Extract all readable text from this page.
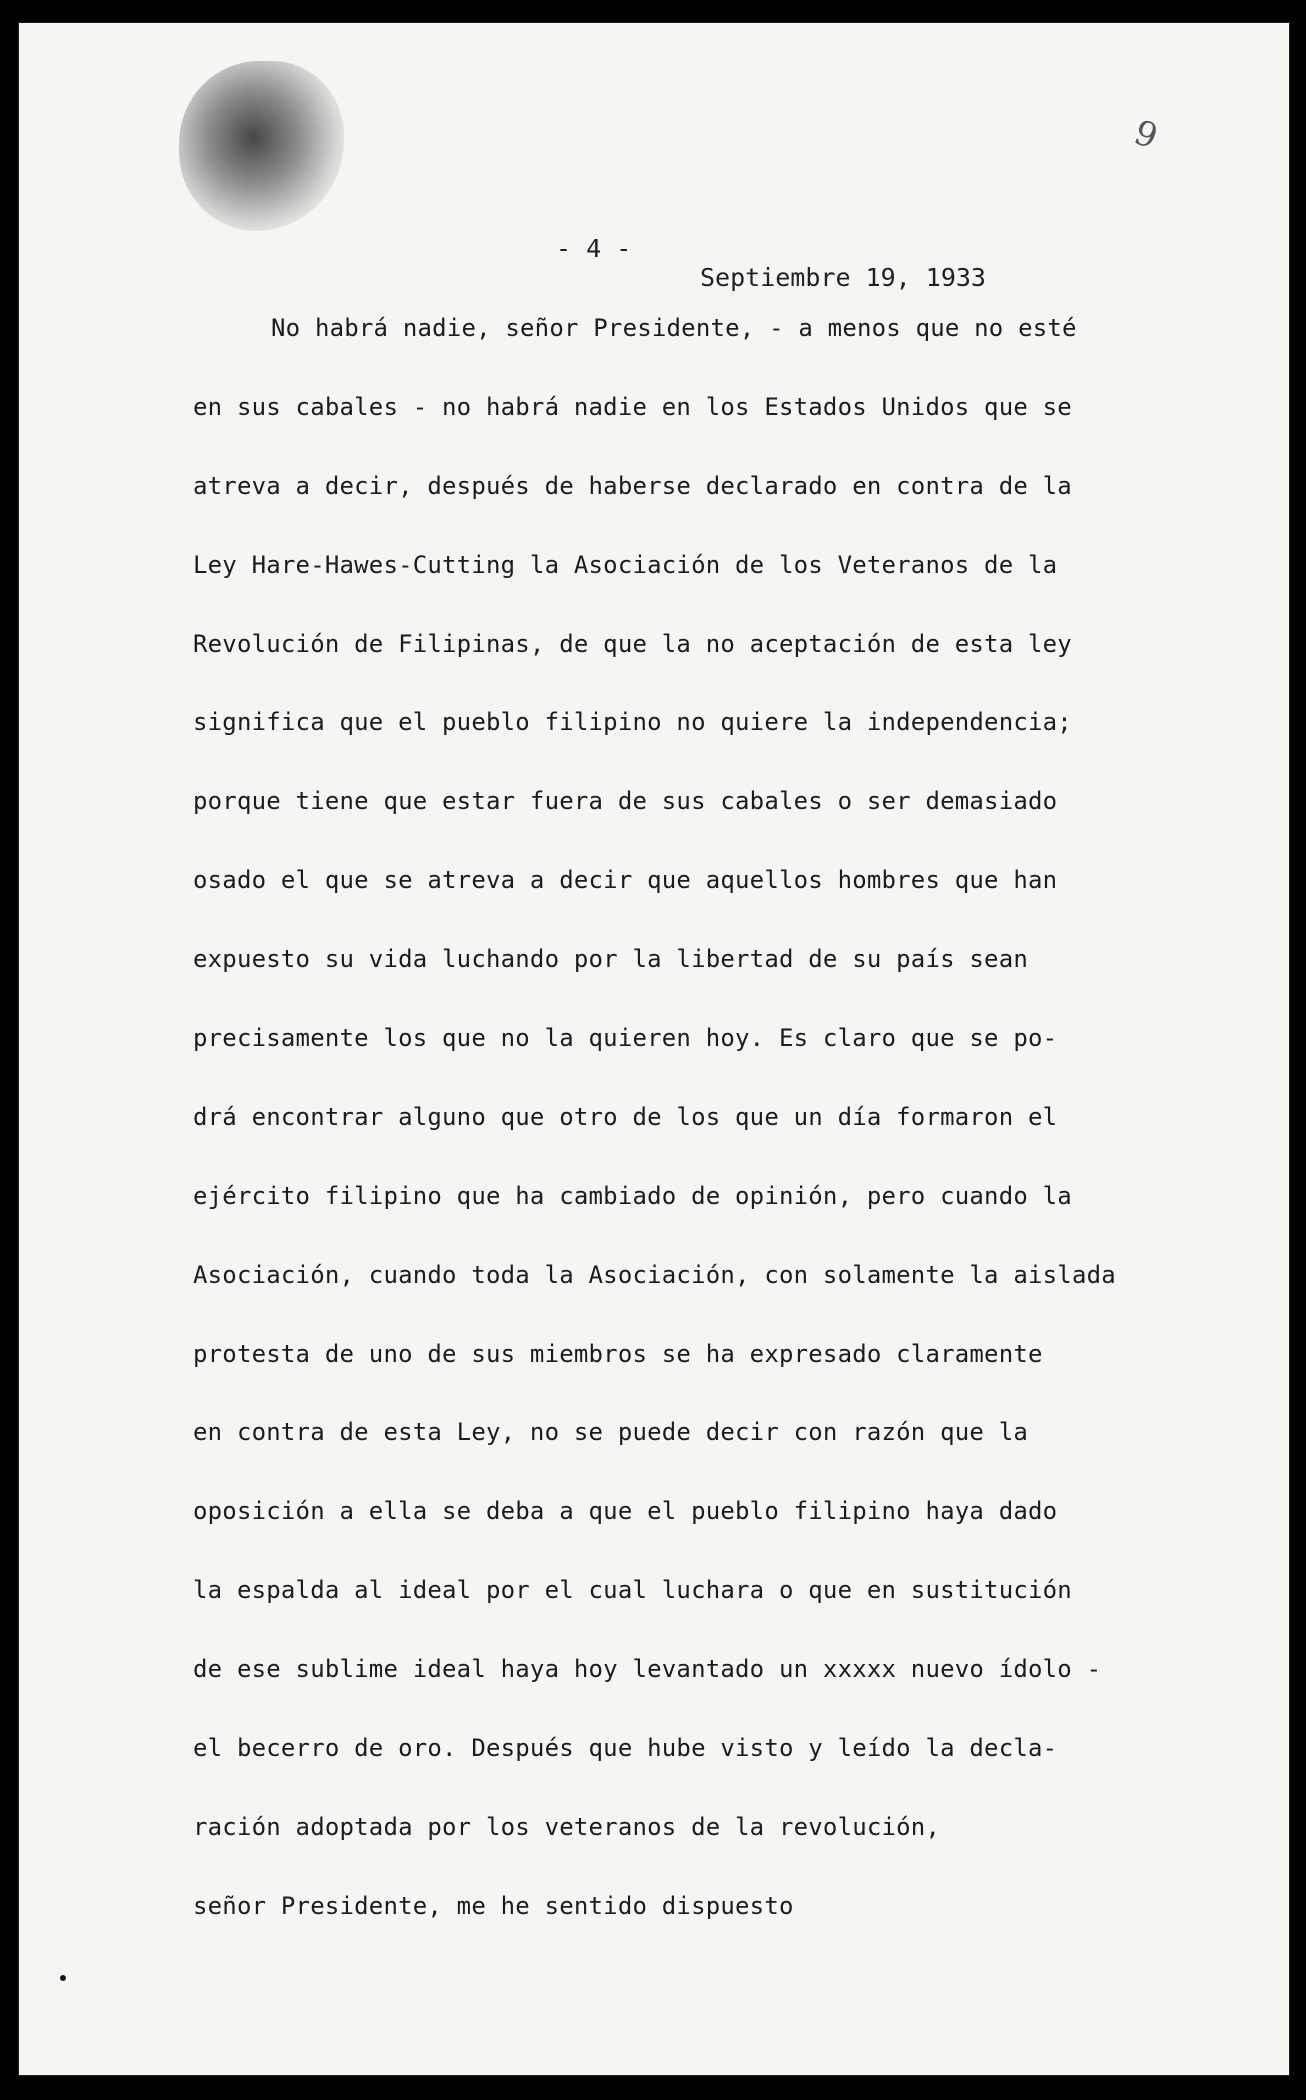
9

- 4 -

Septiembre 19, 1933

No habrá nadie, señor Presidente, - a menos que no esté
en sus cabales - no habrá nadie en los Estados Unidos que se
atreva a decir, después de haberse declarado en contra de la
Ley Hare-Hawes-Cutting la Asociación de los Veteranos de la
Revolución de Filipinas, de que la no aceptación de esta ley
significa que el pueblo filipino no quiere la independencia;
porque tiene que estar fuera de sus cabales o ser demasiado
osado el que se atreva a decir que aquellos hombres que han
expuesto su vida luchando por la libertad de su país sean
precisamente los que no la quieren hoy. Es claro que se po-
drá encontrar alguno que otro de los que un día formaron el
ejército filipino que ha cambiado de opinión, pero cuando la
Asociación, cuando toda la Asociación, con solamente la aislada
protesta de uno de sus miembros se ha expresado claramente
en contra de esta Ley, no se puede decir con razón que la
oposición a ella se deba a que el pueblo filipino haya dado
la espalda al ideal por el cual luchara o que en sustitución
de ese sublime ideal haya hoy levantado un xxxxx nuevo ídolo -
el becerro de oro. Después que hube visto y leído la decla-
ración adoptada por los veteranos de la revolución,
señor Presidente, me he sentido dispuesto
